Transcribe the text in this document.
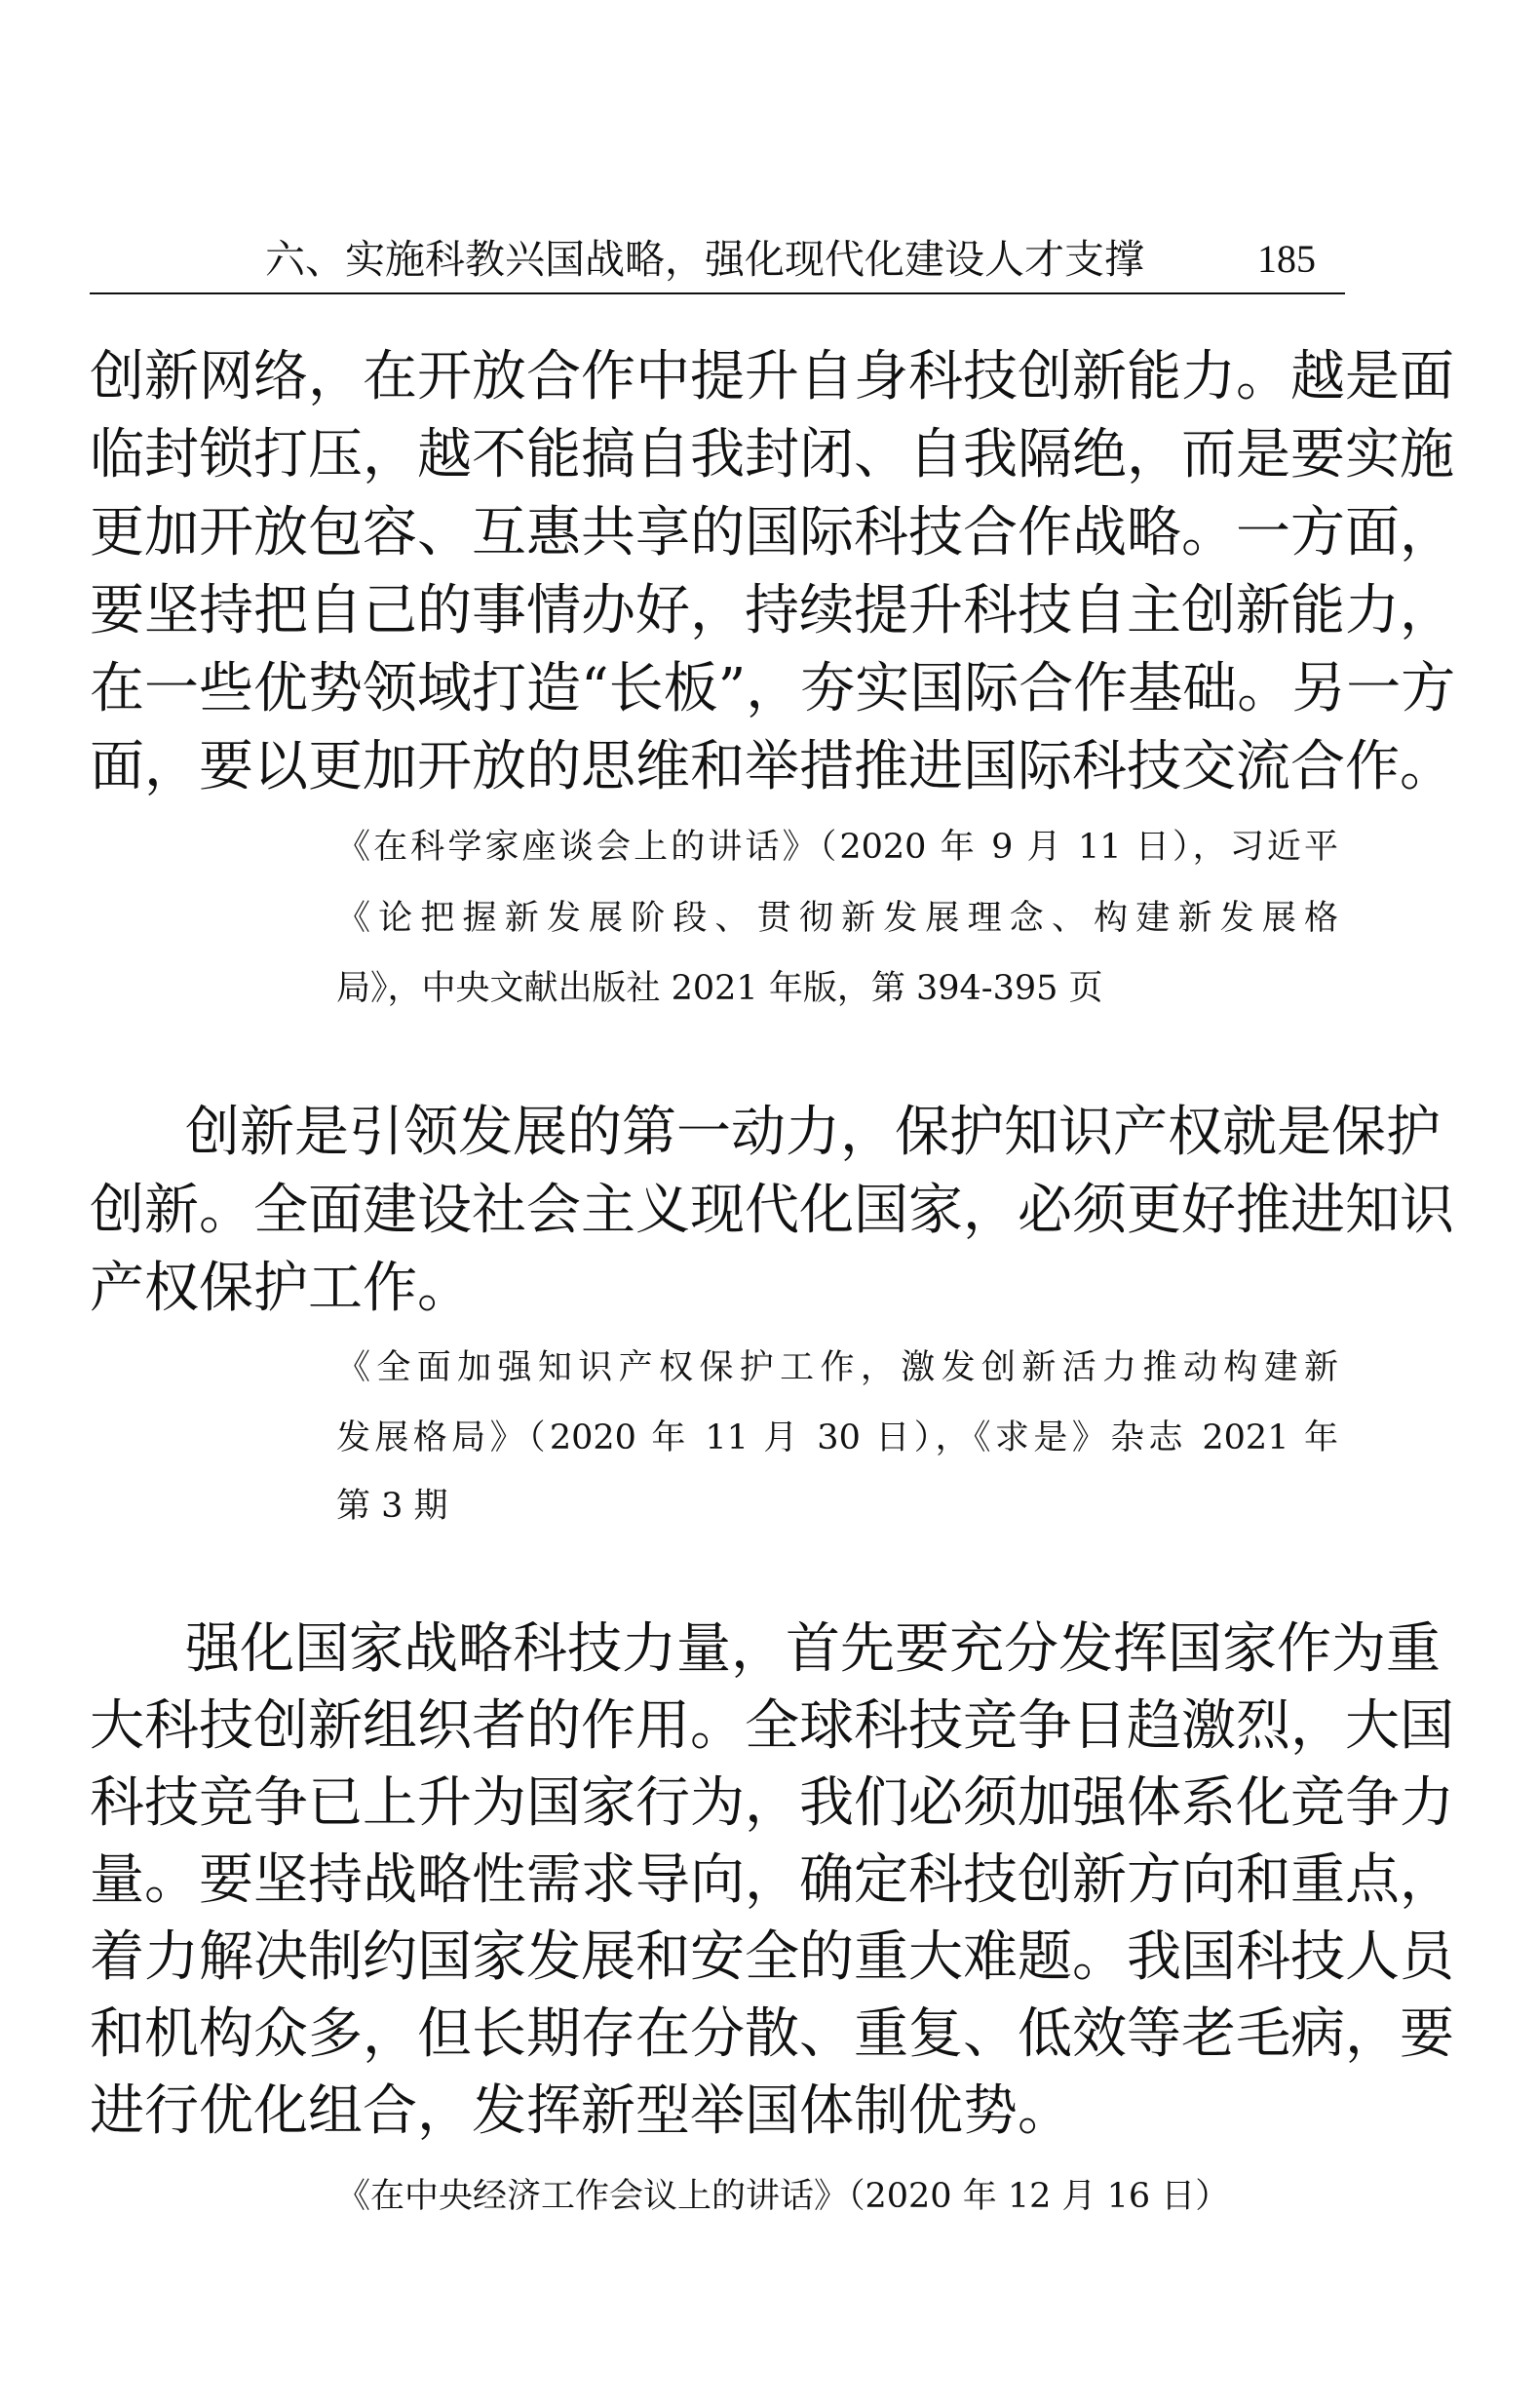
六、实施科教兴国战略，强化现代化建设人才支撑	185
创新网络，在开放合作中提升自身科技创新能力。越是面
临封锁打压，越不能搞自我封闭、自我隔绝，而是要实施
更加开放包容、互惠共享的国际科技合作战略。一方面，
要坚持把自己的事情办好，持续提升科技自主创新能力，
在一些优势领域打造“长板”，夯实国际合作基础。另一方
面，要以更加开放的思维和举措推进国际科技交流合作。
《在科学家座谈会上的讲话》（2020 年 9 月 11 日），习近平
《论把握新发展阶段、贯彻新发展理念、构建新发展格
局》，中央文献出版社 2021 年版，第 394-395 页
创新是引领发展的第一动力，保护知识产权就是保护
创新。全面建设社会主义现代化国家，必须更好推进知识
产权保护工作。
《全面加强知识产权保护工作，激发创新活力推动构建新
发展格局》（2020 年 11 月 30 日），《求是》杂志 2021 年
第 3 期
强化国家战略科技力量，首先要充分发挥国家作为重
大科技创新组织者的作用。全球科技竞争日趋激烈，大国
科技竞争已上升为国家行为，我们必须加强体系化竞争力
量。要坚持战略性需求导向，确定科技创新方向和重点，
着力解决制约国家发展和安全的重大难题。我国科技人员
和机构众多，但长期存在分散、重复、低效等老毛病，要
进行优化组合，发挥新型举国体制优势。
《在中央经济工作会议上的讲话》（2020 年 12 月 16 日）
